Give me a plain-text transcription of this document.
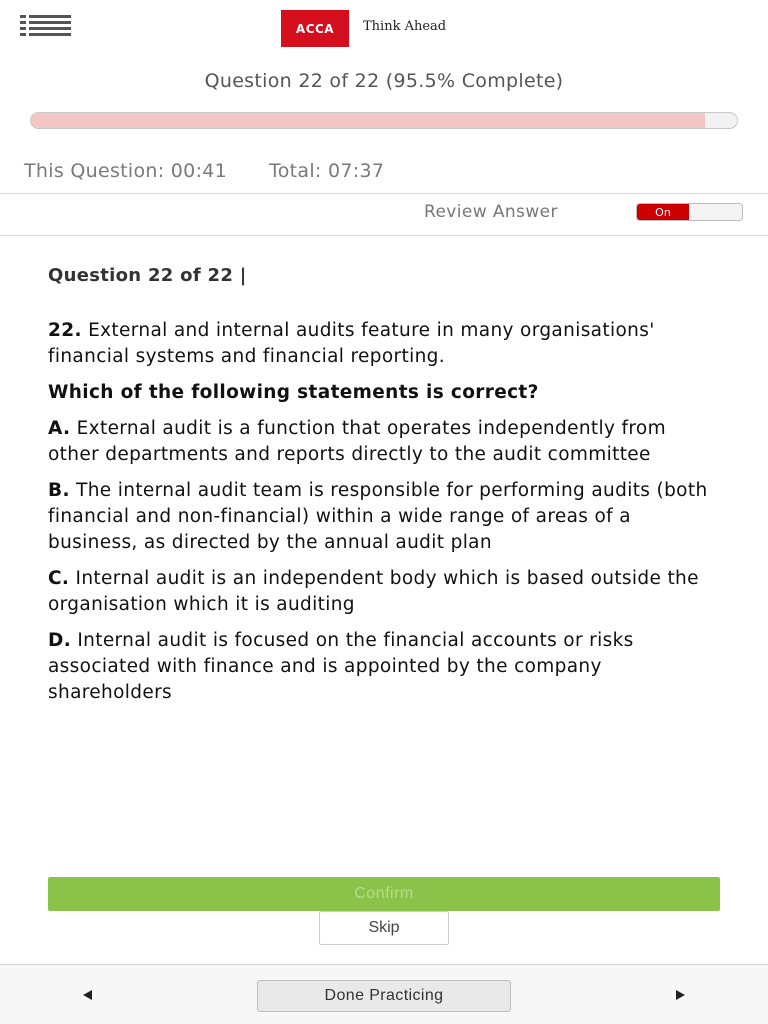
ACCA	Think Ahead
Question 22 of 22 (95.5% Complete)
This Question: 00:41 Total: 07:37
Review Answer	On
Question 22 of 22 |

22. External and internal audits feature in many organisations' financial systems and financial reporting.

Which of the following statements is correct?

A. External audit is a function that operates independently from other departments and reports directly to the audit committee

B. The internal audit team is responsible for performing audits (both financial and non-financial) within a wide range of areas of a business, as directed by the annual audit plan

C. Internal audit is an independent body which is based outside the organisation which it is auditing

D. Internal audit is focused on the financial accounts or risks associated with finance and is appointed by the company shareholders

Confirm
Skip
Done Practicing
